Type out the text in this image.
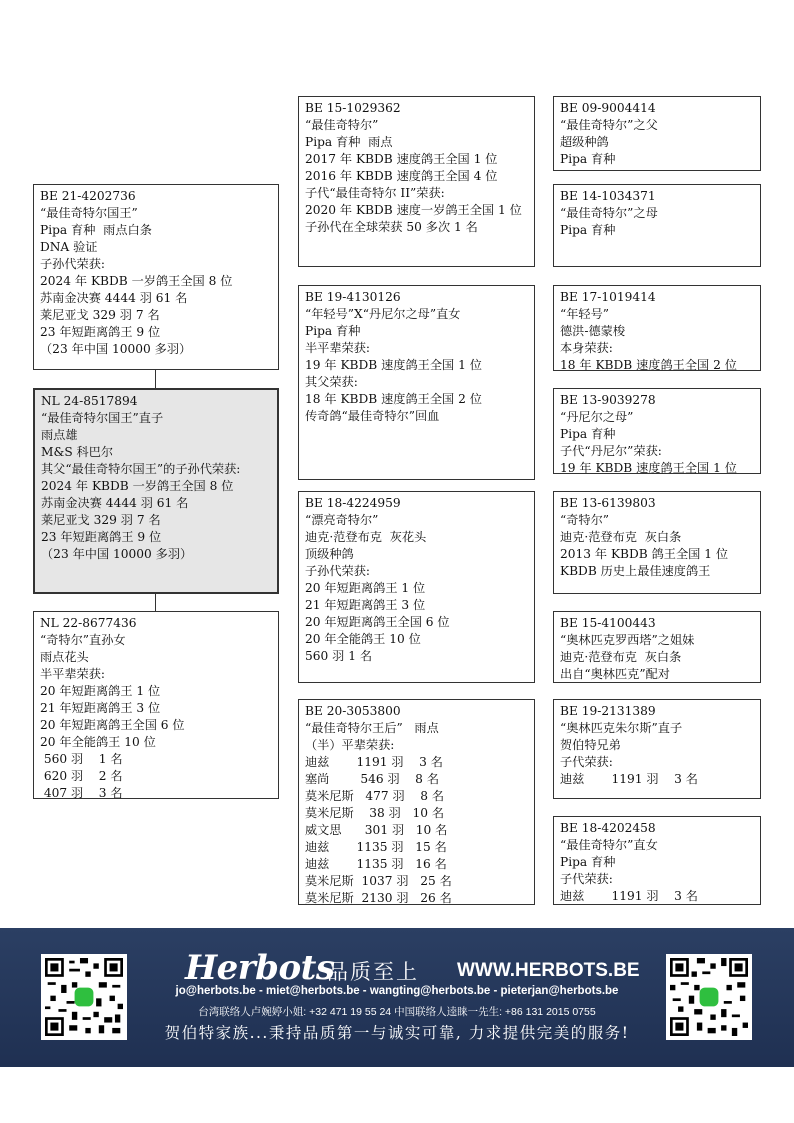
NL 24-8517894
“最佳奇特尔国王”直子
雨点雄
M&S 科巴尔
其父“最佳奇特尔国王”的子孙代荣获:
2024 年 KBDB 一岁鸽王全国 8 位
苏南金决赛 4444 羽 61 名
莱尼亚戈 329 羽 7 名
23 年短距离鸽王 9 位
（23 年中国 10000 多羽）
BE 21-4202736
“最佳奇特尔国王”
Pipa 育种  雨点白条
DNA 验证
子孙代荣获:
2024 年 KBDB 一岁鸽王全国 8 位
苏南金决赛 4444 羽 61 名
莱尼亚戈 329 羽 7 名
23 年短距离鸽王 9 位
（23 年中国 10000 多羽）
NL 22-8677436
“奇特尔”直孙女
雨点花头
半平辈荣获:
20 年短距离鸽王 1 位
21 年短距离鸽王 3 位
20 年短距离鸽王全国 6 位
20 年全能鸽王 10 位
560 羽    1 名
620 羽    2 名
407 羽    3 名
BE 15-1029362
“最佳奇特尔”
Pipa 育种  雨点
2017 年 KBDB 速度鸽王全国 1 位
2016 年 KBDB 速度鸽王全国 4 位
子代“最佳奇特尔 II”荣获:
2020 年 KBDB 速度一岁鸽王全国 1 位
子孙代在全球荣获 50 多次 1 名
BE 19-4130126
“年轻号”X“丹尼尔之母”直女
Pipa 育种
半平辈荣获:
19 年 KBDB 速度鸽王全国 1 位
其父荣获:
18 年 KBDB 速度鸽王全国 2 位
传奇鸽“最佳奇特尔”回血
BE 18-4224959
“漂亮奇特尔”
迪克·范登布克  灰花头
顶级种鸽
子孙代荣获:
20 年短距离鸽王 1 位
21 年短距离鸽王 3 位
20 年短距离鸽王全国 6 位
20 年全能鸽王 10 位
560 羽 1 名
BE 20-3053800
“最佳奇特尔王后”   雨点
（半）平辈荣获:
迪兹       1191 羽    3 名
塞尚        546 羽    8 名
莫米尼斯   477 羽    8 名
莫米尼斯    38 羽   10 名
威文思      301 羽   10 名
迪兹       1135 羽   15 名
迪兹       1135 羽   16 名
莫米尼斯  1037 羽   25 名
莫米尼斯  2130 羽   26 名
BE 09-9004414
“最佳奇特尔”之父
超级种鸽
Pipa 育种
BE 14-1034371
“最佳奇特尔”之母
Pipa 育种
BE 17-1019414
“年轻号”
德洪-德蒙梭
本身荣获:
18 年 KBDB 速度鸽王全国 2 位
BE 13-9039278
“丹尼尔之母”
Pipa 育种
子代“丹尼尔”荣获:
19 年 KBDB 速度鸽王全国 1 位
BE 13-6139803
“奇特尔”
迪克·范登布克  灰白条
2013 年 KBDB 鸽王全国 1 位
KBDB 历史上最佳速度鸽王
BE 15-4100443
“奥林匹克罗西塔”之姐妹
迪克·范登布克  灰白条
出自“奥林匹克”配对
BE 19-2131389
“奥林匹克朱尔斯”直子
贺伯特兄弟
子代荣获:
迪兹       1191 羽    3 名
BE 18-4202458
“最佳奇特尔”直女
Pipa 育种
子代荣获:
迪兹       1191 羽    3 名
Herbots
品质至上 WWW.HERBOTS.BE
jo@herbots.be - miet@herbots.be - wangting@herbots.be - pieterjan@herbots.be
台湾联络人卢婉婷小姐: +32 471 19 55 24 中国联络人逵睐一先生: +86 131 2015 0755
贺伯特家族...秉持品质第一与诚实可靠, 力求提供完美的服务!
